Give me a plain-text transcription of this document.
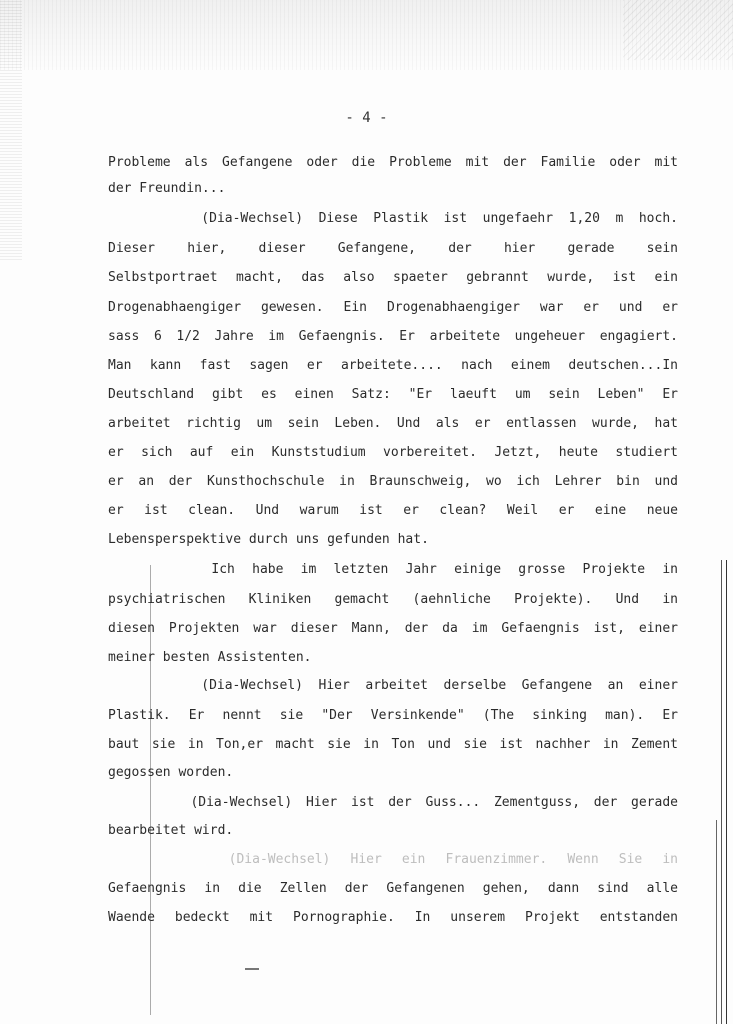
- 4 -
Probleme als Gefangene oder die Probleme mit der Familie oder mit
der Freundin...
(Dia-Wechsel) Diese Plastik ist ungefaehr 1,20 m hoch.
Dieser hier, dieser Gefangene, der hier gerade sein
Selbstportraet macht, das also spaeter gebrannt wurde, ist ein
Drogenabhaengiger gewesen. Ein Drogenabhaengiger war er und er
sass 6 1/2 Jahre im Gefaengnis. Er arbeitete ungeheuer engagiert.
Man kann fast sagen er arbeitete.... nach einem deutschen...In
Deutschland gibt es einen Satz: "Er laeuft um sein Leben" Er
arbeitet richtig um sein Leben. Und als er entlassen wurde, hat
er sich auf ein Kunststudium vorbereitet. Jetzt, heute studiert
er an der Kunsthochschule in Braunschweig, wo ich Lehrer bin und
er ist clean. Und warum ist er clean? Weil er eine neue
Lebensperspektive durch uns gefunden hat.
Ich habe im letzten Jahr einige grosse Projekte in
psychiatrischen Kliniken gemacht (aehnliche Projekte). Und in
diesen Projekten war dieser Mann, der da im Gefaengnis ist, einer
meiner besten Assistenten.
(Dia-Wechsel) Hier arbeitet derselbe Gefangene an einer
Plastik. Er nennt sie "Der Versinkende" (The sinking man). Er
baut sie in Ton,er macht sie in Ton und sie ist nachher in Zement
gegossen worden.
(Dia-Wechsel) Hier ist der Guss... Zementguss, der gerade
bearbeitet wird.
(Dia-Wechsel) Hier ein Frauenzimmer. Wenn Sie in
Gefaengnis in die Zellen der Gefangenen gehen, dann sind alle
Waende bedeckt mit Pornographie. In unserem Projekt entstanden
